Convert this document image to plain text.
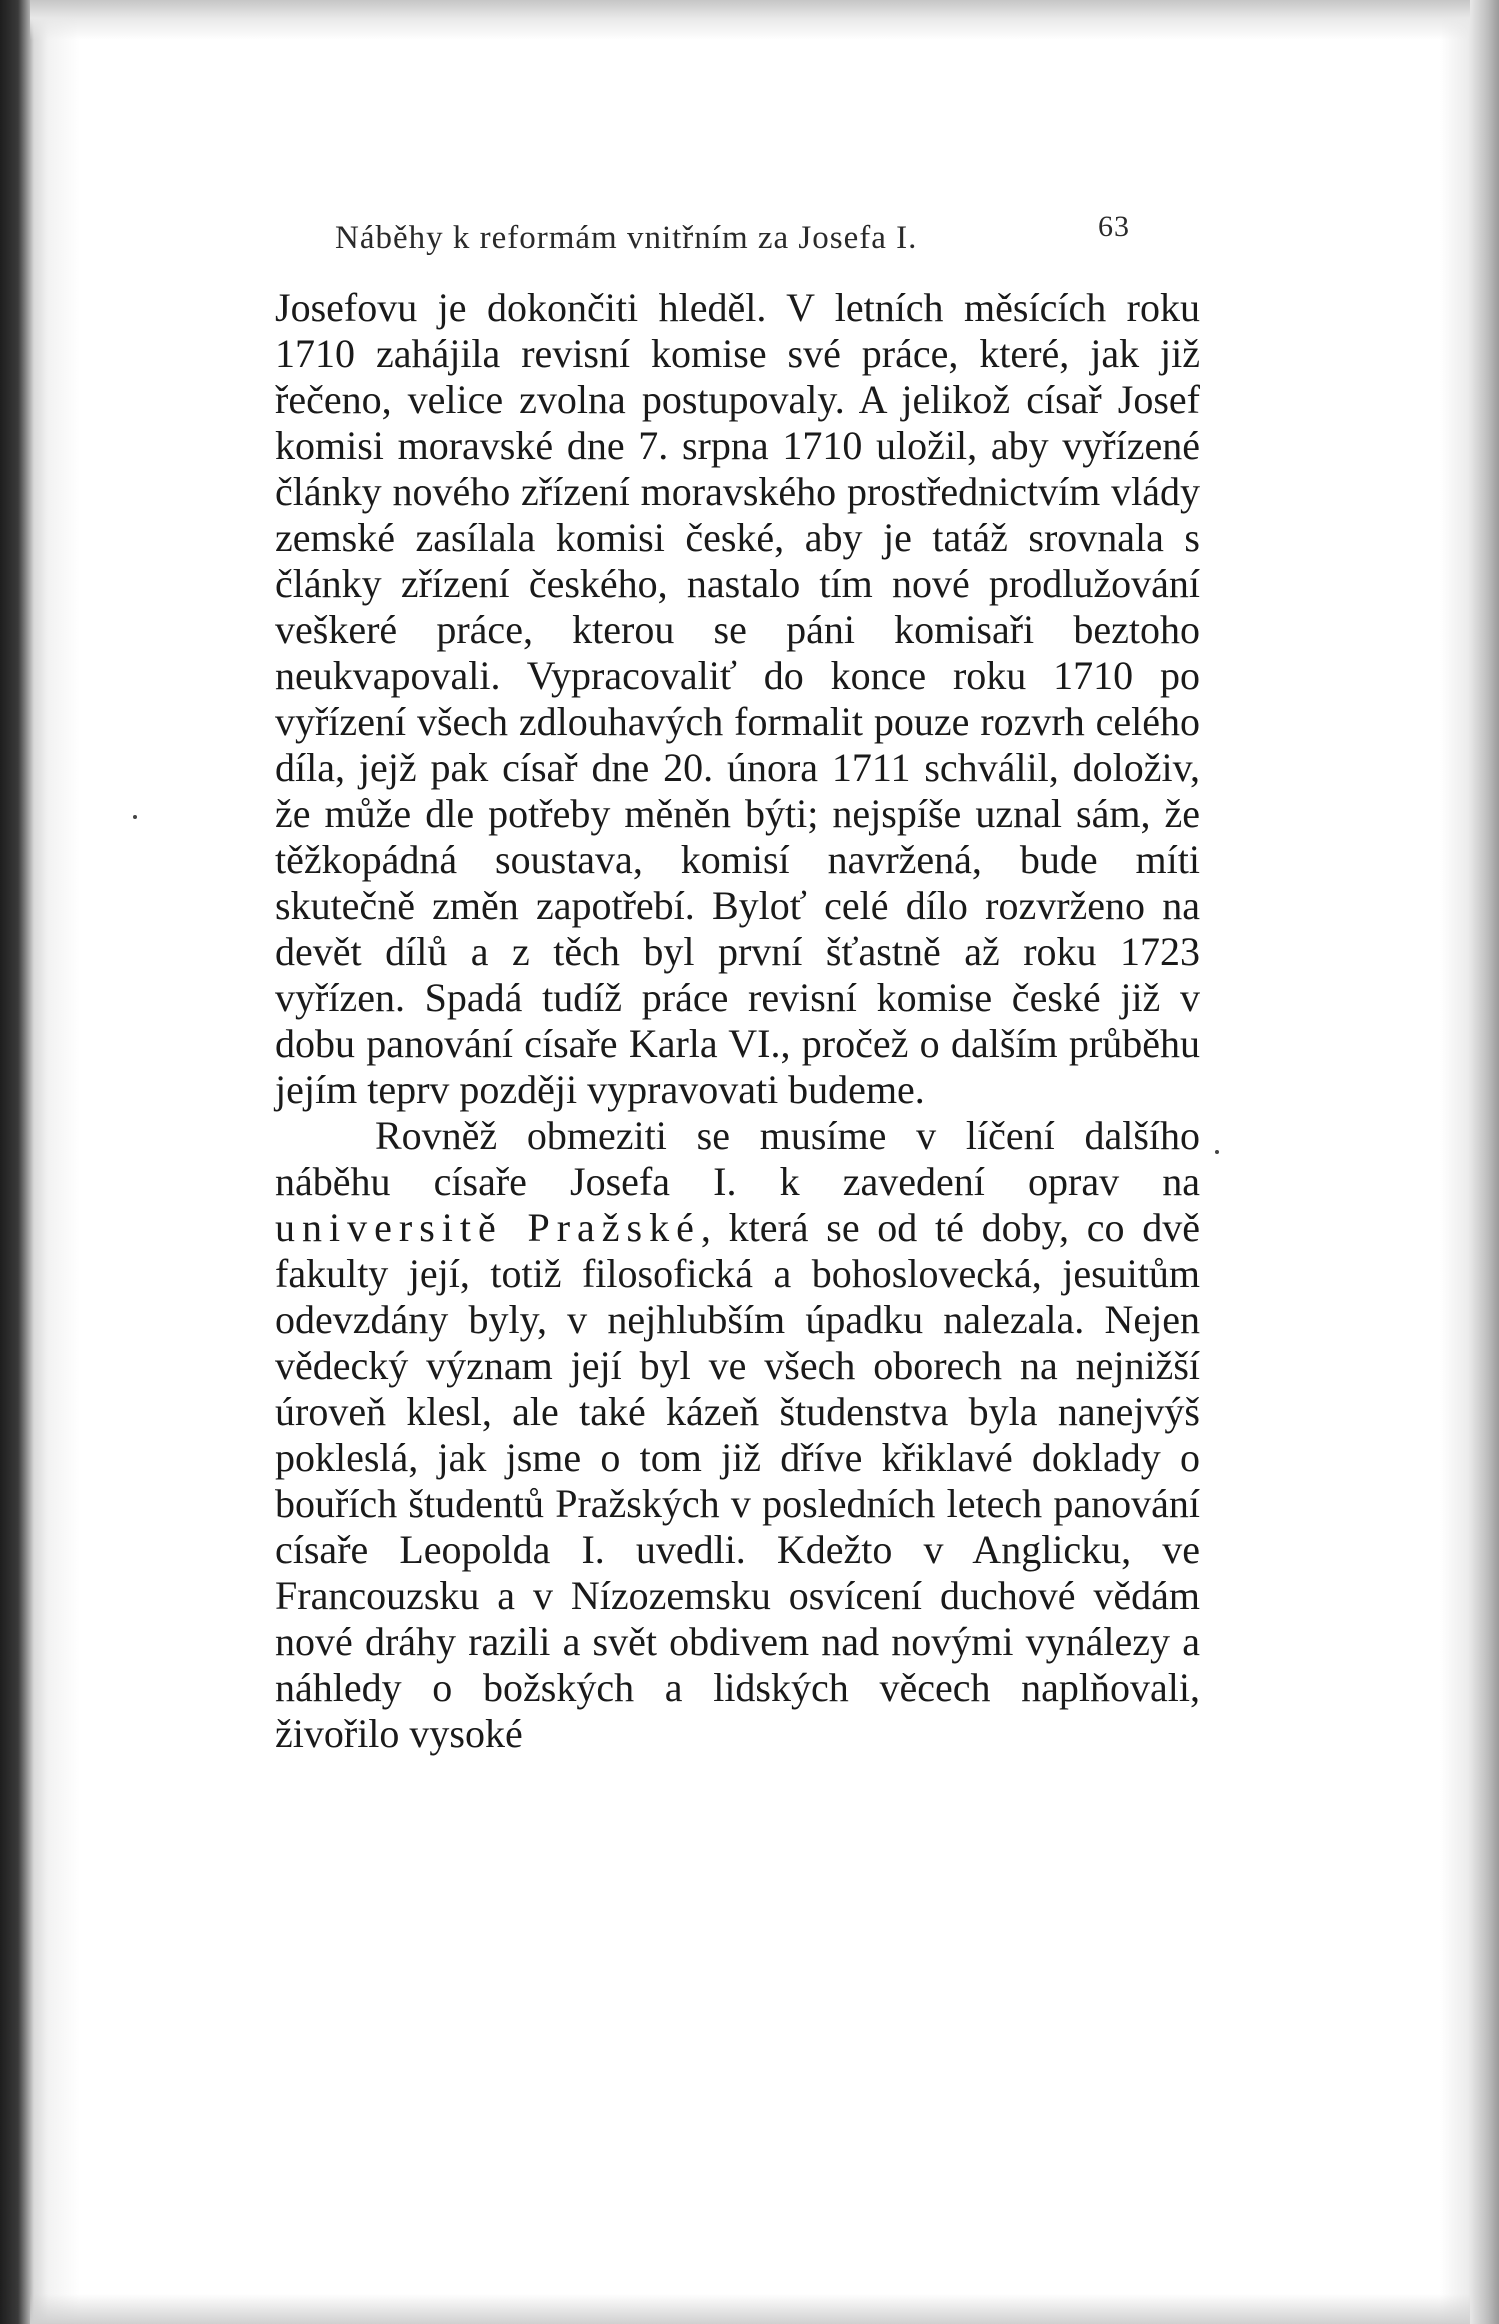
Náběhy k reformám vnitřním za Josefa I.	63

Josefovu je dokončiti hleděl. V letních měsících roku 1710 zahájila revisní komise své práce, které, jak již řečeno, velice zvolna postupovaly. A jelikož císař Josef komisi moravské dne 7. srpna 1710 uložil, aby vyřízené články nového zřízení moravského prostřednictvím vlády zemské zasílala komisi české, aby je tatáž srovnala s články zřízení českého, nastalo tím nové prodlužování veškeré práce, kterou se páni komisaři beztoho neukvapovali. Vypracovaliť do konce roku 1710 po vyřízení všech zdlouhavých formalit pouze rozvrh celého díla, jejž pak císař dne 20. února 1711 schválil, doloživ, že může dle potřeby měněn býti; nejspíše uznal sám, že těžkopádná soustava, komisí navržená, bude míti skutečně změn zapotřebí. Byloť celé dílo rozvrženo na devět dílů a z těch byl první šťastně až roku 1723 vyřízen. Spadá tudíž práce revisní komise české již v dobu panování císaře Karla VI., pročež o dalším průběhu jejím teprv později vypravovati budeme.

Rovněž obmeziti se musíme v líčení dalšího náběhu císaře Josefa I. k zavedení oprav na universitě Pražské, která se od té doby, co dvě fakulty její, totiž filosofická a bohoslovecká, jesuitům odevzdány byly, v nejhlubším úpadku nalezala. Nejen vědecký význam její byl ve všech oborech na nejnižší úroveň klesl, ale také kázeň študenstva byla nanejvýš pokleslá, jak jsme o tom již dříve křiklavé doklady o bouřích študentů Pražských v posledních letech panování císaře Leopolda I. uvedli. Kdežto v Anglicku, ve Francouzsku a v Nízozemsku osvícení duchové vědám nové dráhy razili a svět obdivem nad novými vynálezy a náhledy o božských a lidských věcech naplňovali, živořilo vysoké
